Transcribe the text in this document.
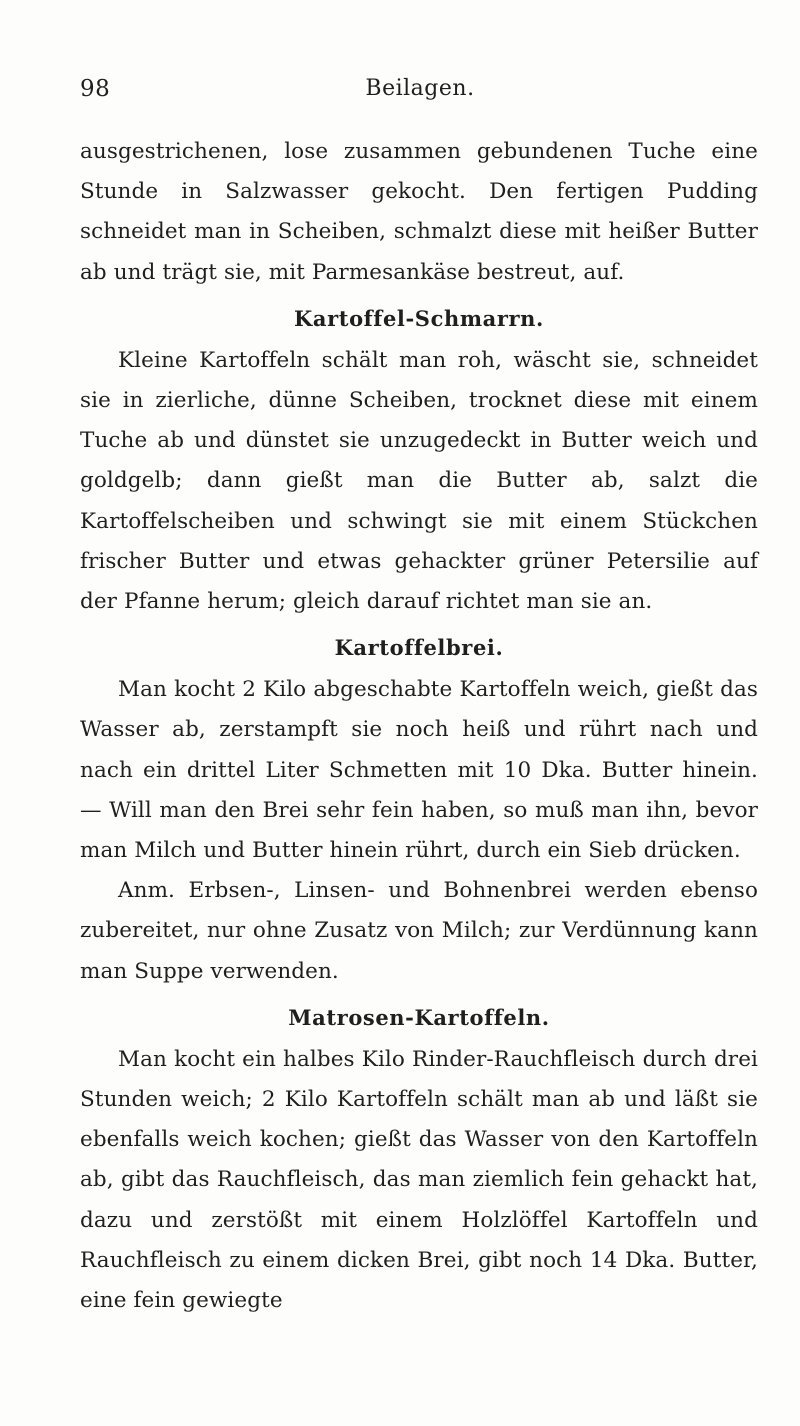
98	Beilagen.

ausgestrichenen, lose zusammen gebundenen Tuche eine Stunde in Salzwasser gekocht. Den fertigen Pudding schneidet man in Scheiben, schmalzt diese mit heißer Butter ab und trägt sie, mit Parmesankäse bestreut, auf.

Kartoffel-Schmarrn.

Kleine Kartoffeln schält man roh, wäscht sie, schneidet sie in zierliche, dünne Scheiben, trocknet diese mit einem Tuche ab und dünstet sie unzugedeckt in Butter weich und goldgelb; dann gießt man die Butter ab, salzt die Kartoffelscheiben und schwingt sie mit einem Stückchen frischer Butter und etwas gehackter grüner Petersilie auf der Pfanne herum; gleich darauf richtet man sie an.

Kartoffelbrei.

Man kocht 2 Kilo abgeschabte Kartoffeln weich, gießt das Wasser ab, zerstampft sie noch heiß und rührt nach und nach ein drittel Liter Schmetten mit 10 Dka. Butter hinein. — Will man den Brei sehr fein haben, so muß man ihn, bevor man Milch und Butter hinein rührt, durch ein Sieb drücken.

Anm. Erbsen-, Linsen- und Bohnenbrei werden ebenso zubereitet, nur ohne Zusatz von Milch; zur Verdünnung kann man Suppe verwenden.

Matrosen-Kartoffeln.

Man kocht ein halbes Kilo Rinder-Rauchfleisch durch drei Stunden weich; 2 Kilo Kartoffeln schält man ab und läßt sie ebenfalls weich kochen; gießt das Wasser von den Kartoffeln ab, gibt das Rauchfleisch, das man ziemlich fein gehackt hat, dazu und zerstößt mit einem Holzlöffel Kartoffeln und Rauchfleisch zu einem dicken Brei, gibt noch 14 Dka. Butter, eine fein gewiegte
